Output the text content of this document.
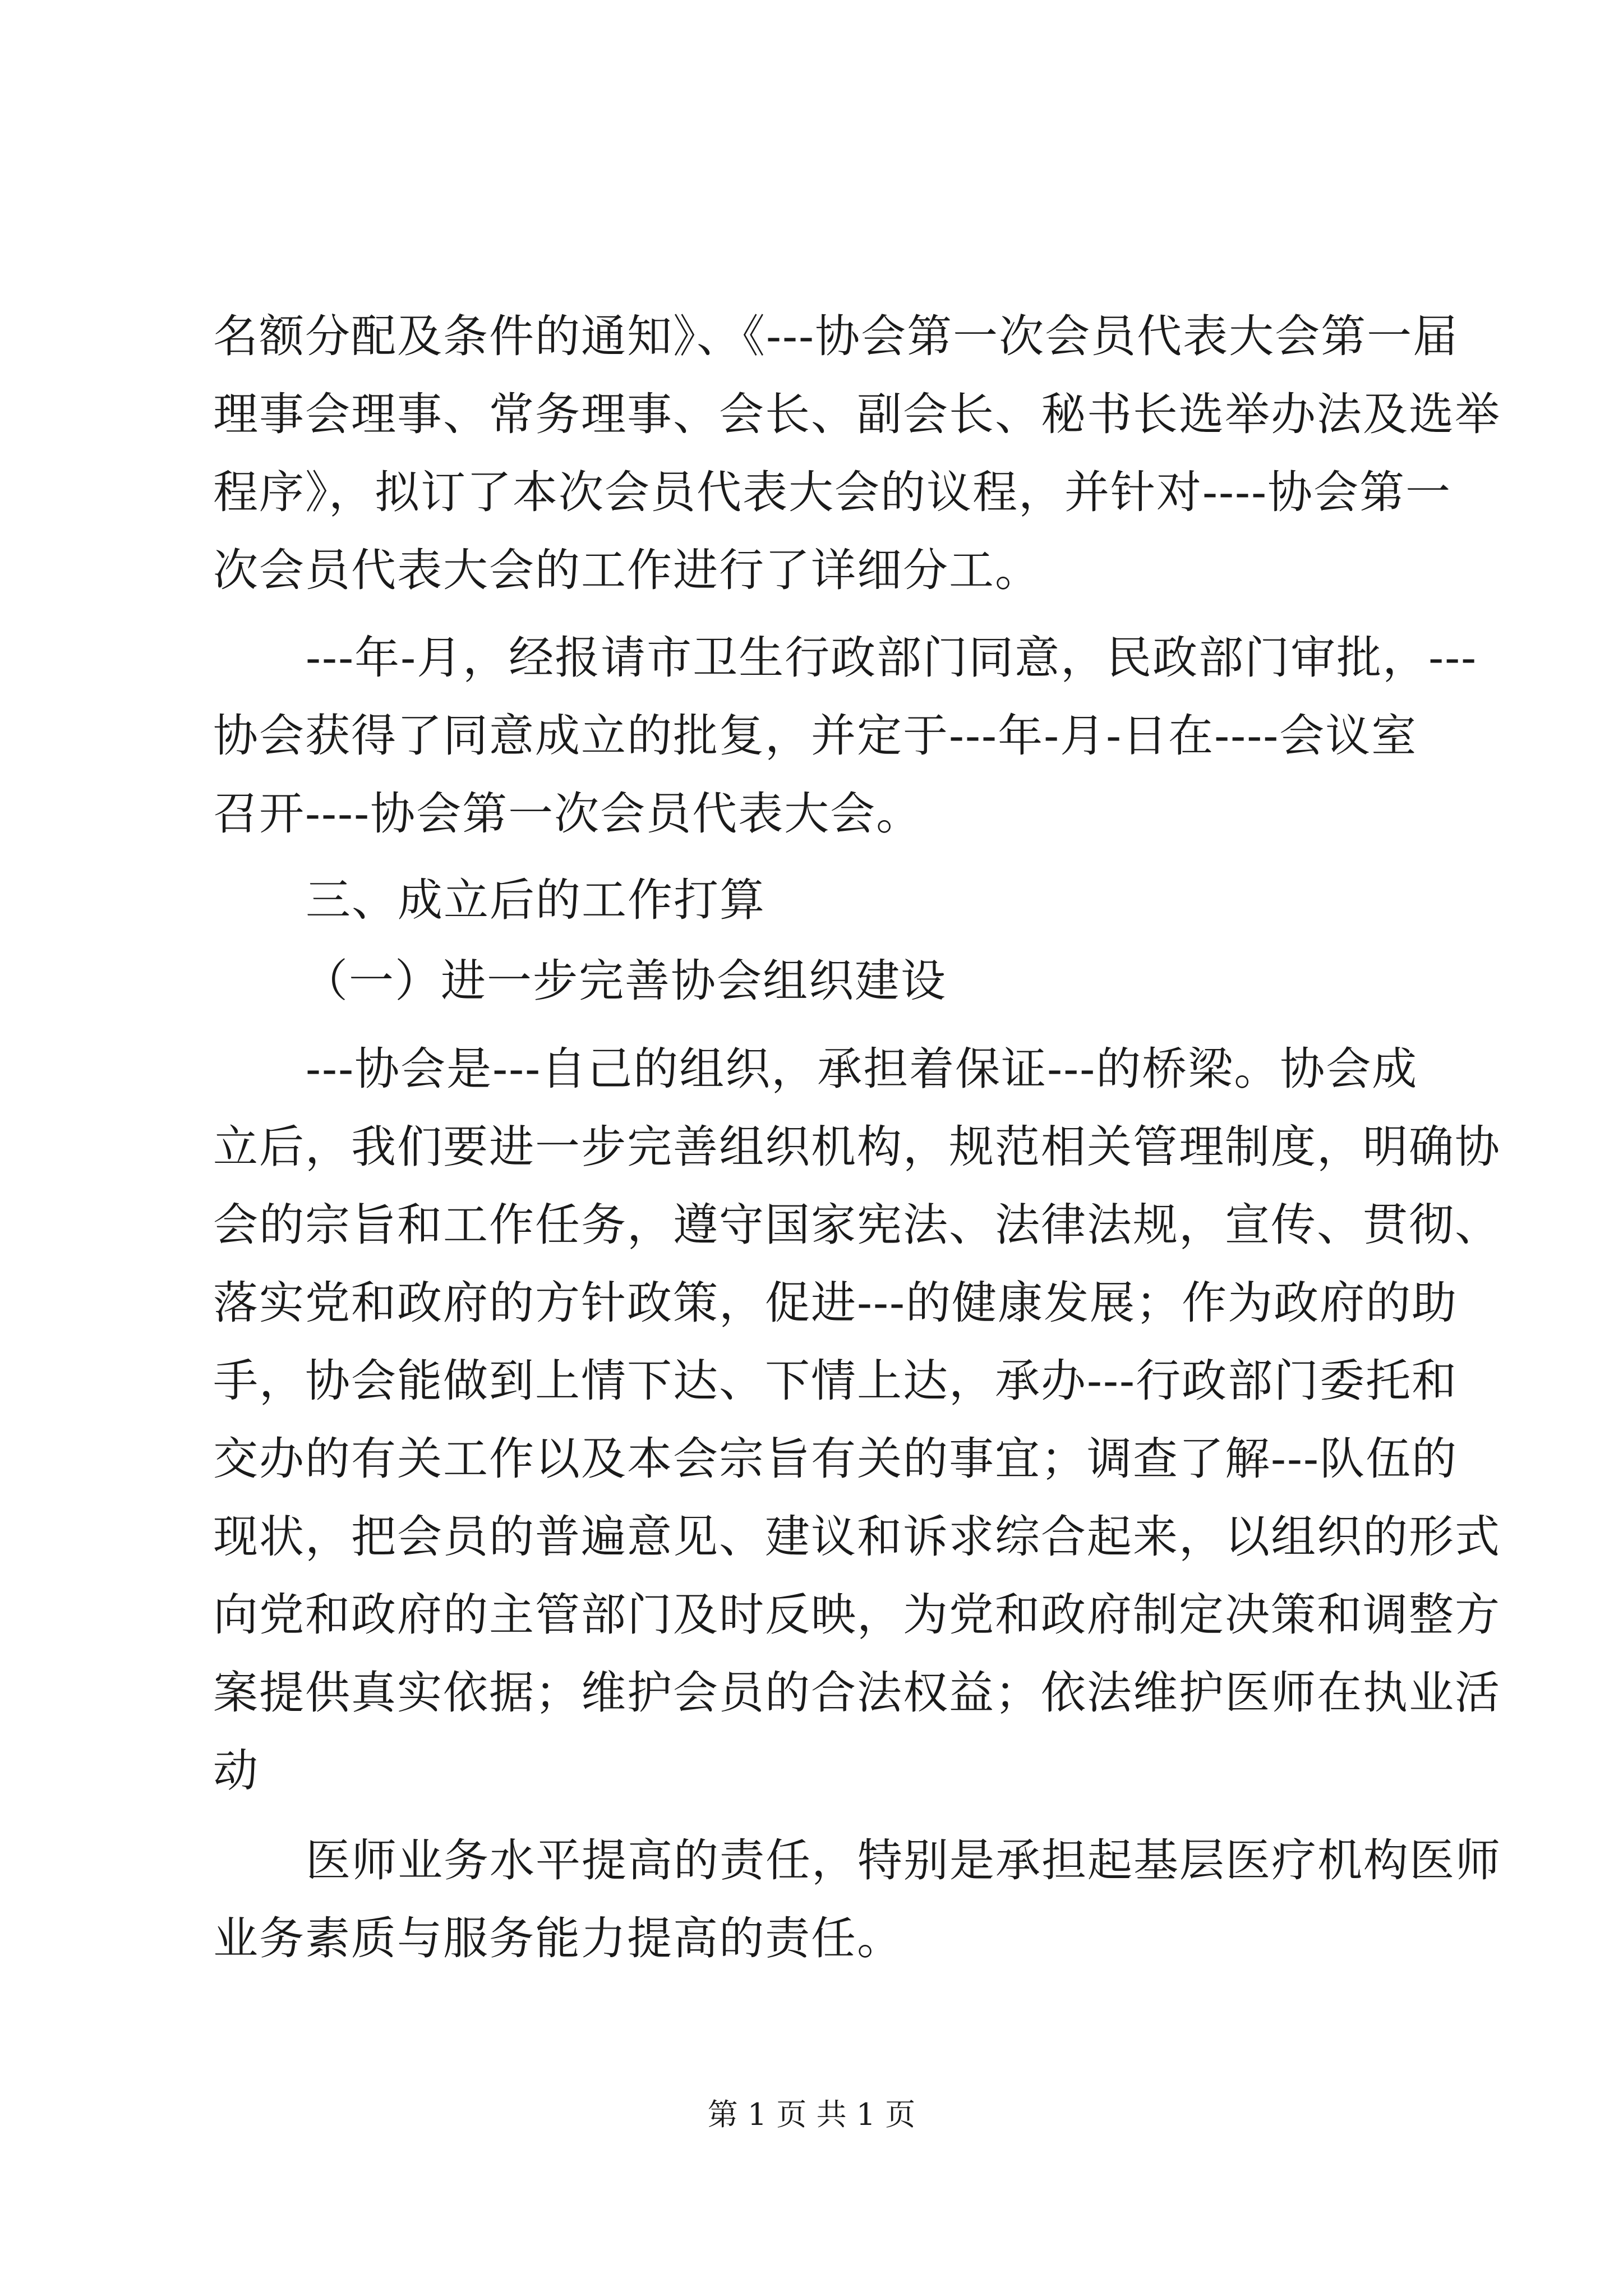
名额分配及条件的通知》、《---协会第一次会员代表大会第一届
理事会理事、常务理事、会长、副会长、秘书长选举办法及选举
程序》，拟订了本次会员代表大会的议程，并针对----协会第一
次会员代表大会的工作进行了详细分工。
---年-月，经报请市卫生行政部门同意，民政部门审批，---
协会获得了同意成立的批复，并定于---年-月-日在----会议室
召开----协会第一次会员代表大会。
三、成立后的工作打算
（一）进一步完善协会组织建设
---协会是---自己的组织，承担着保证---的桥梁。协会成
立后，我们要进一步完善组织机构，规范相关管理制度，明确协
会的宗旨和工作任务，遵守国家宪法、法律法规，宣传、贯彻、
落实党和政府的方针政策，促进---的健康发展；作为政府的助
手，协会能做到上情下达、下情上达，承办---行政部门委托和
交办的有关工作以及本会宗旨有关的事宜；调查了解---队伍的
现状，把会员的普遍意见、建议和诉求综合起来，以组织的形式
向党和政府的主管部门及时反映，为党和政府制定决策和调整方
案提供真实依据；维护会员的合法权益；依法维护医师在执业活
动
医师业务水平提高的责任，特别是承担起基层医疗机构医师
业务素质与服务能力提高的责任。
第 1 页 共 1 页
